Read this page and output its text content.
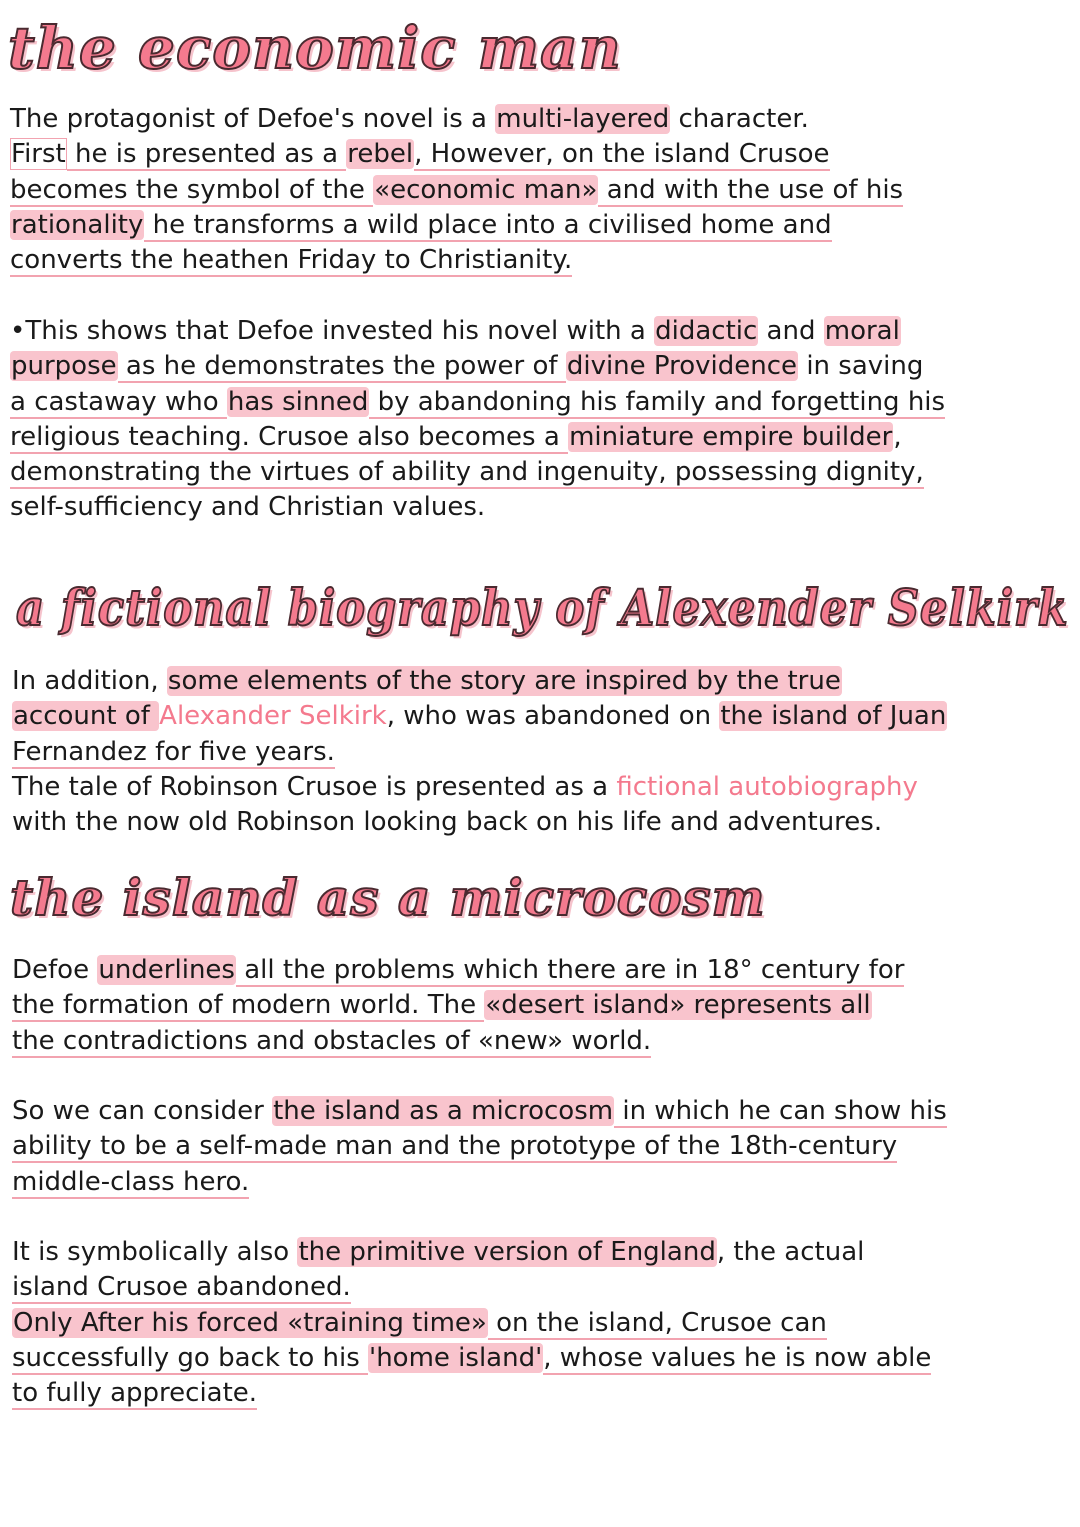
the economic man
The protagonist of Defoe's novel is a multi-layered character.
First he is presented as a rebel, However, on the island Crusoe
becomes the symbol of the «economic man» and with the use of his
rationality he transforms a wild place into a civilised home and
converts the heathen Friday to Christianity.
•This shows that Defoe invested his novel with a didactic and moral
purpose as he demonstrates the power of divine Providence in saving
a castaway who has sinned by abandoning his family and forgetting his
religious teaching. Crusoe also becomes a miniature empire builder,
demonstrating the virtues of ability and ingenuity, possessing dignity,
self-sufficiency and Christian values.
a fictional biography of Alexender Selkirk
In addition, some elements of the story are inspired by the true
account of Alexander Selkirk, who was abandoned on the island of Juan
Fernandez for five years.
The tale of Robinson Crusoe is presented as a fictional autobiography
with the now old Robinson looking back on his life and adventures.
the island as a microcosm
Defoe underlines all the problems which there are in 18° century for
the formation of modern world. The «desert island» represents all
the contradictions and obstacles of «new» world.
So we can consider the island as a microcosm in which he can show his
ability to be a self-made man and the prototype of the 18th-century
middle-class hero.
It is symbolically also the primitive version of England, the actual
island Crusoe abandoned.
Only After his forced «training time» on the island, Crusoe can
successfully go back to his 'home island', whose values he is now able
to fully appreciate.
